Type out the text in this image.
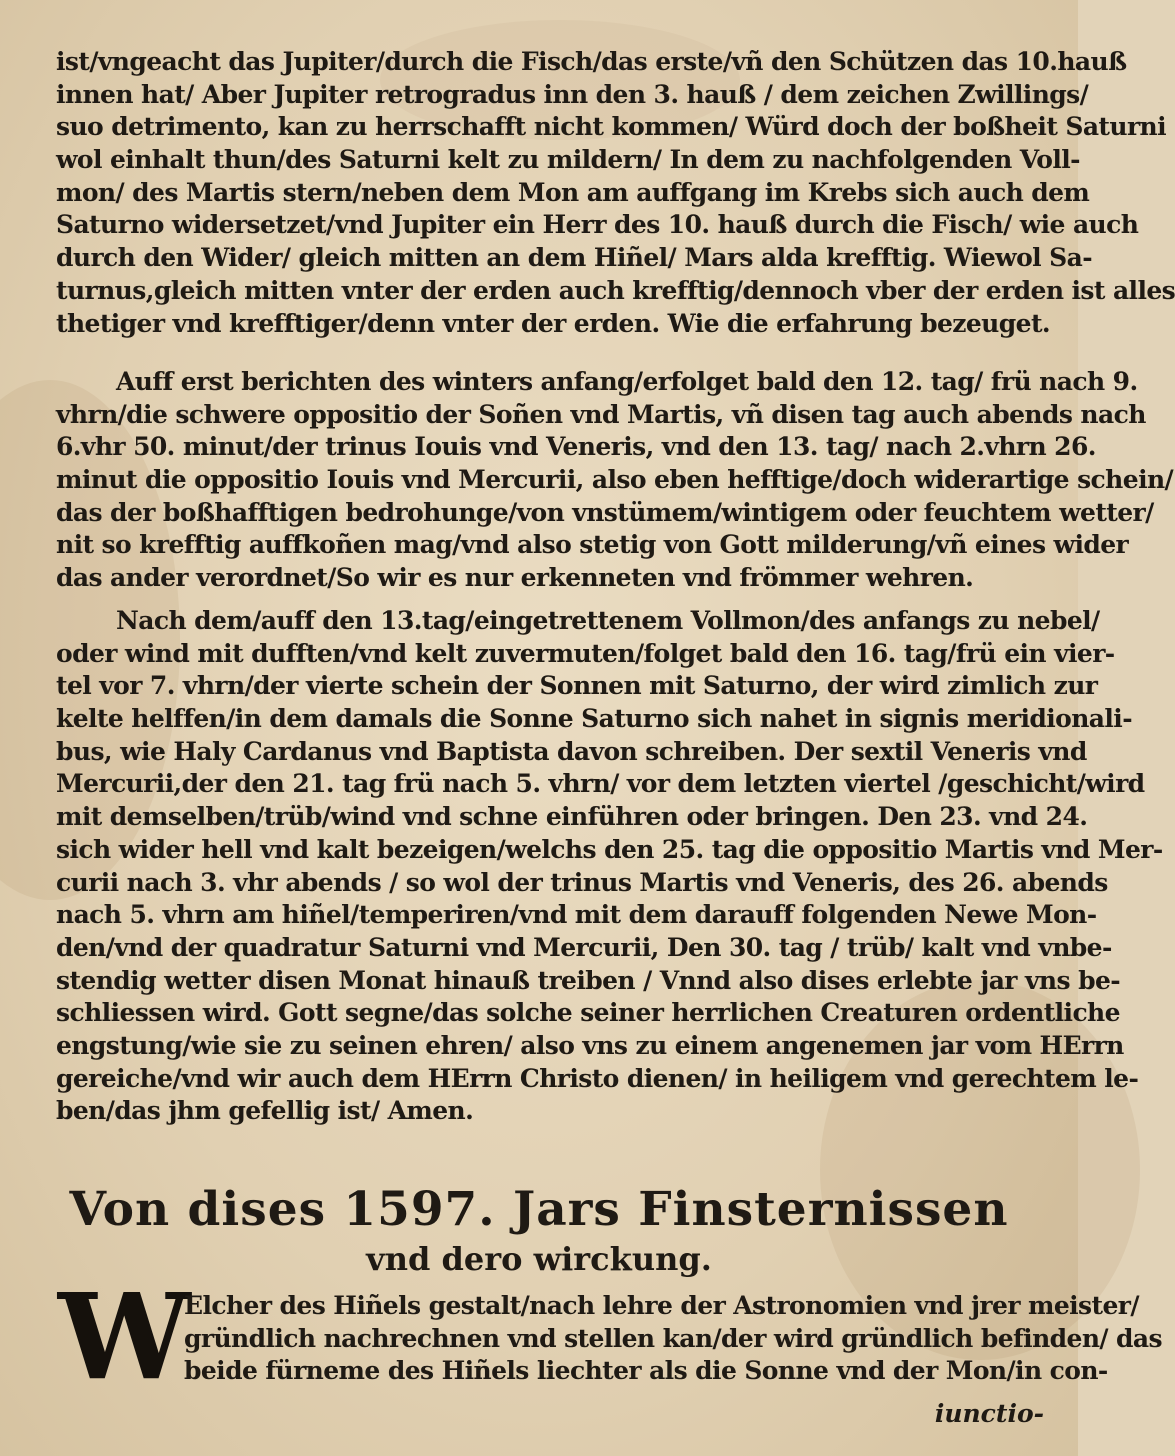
ist/vngeacht das Jupiter/durch die Fisch/das erste/vñ den Schützen das 10.hauß
innen hat/ Aber Jupiter retrogradus inn den 3. hauß / dem zeichen Zwillings/
suo detrimento, kan zu herrschafft nicht kommen/ Würd doch der boßheit Saturni
wol einhalt thun/des Saturni kelt zu mildern/ In dem zu nachfolgenden Voll-
mon/ des Martis stern/neben dem Mon am auffgang im Krebs sich auch dem
Saturno widersetzet/vnd Jupiter ein Herr des 10. hauß durch die Fisch/ wie auch
durch den Wider/ gleich mitten an dem Hiñel/ Mars alda krefftig. Wiewol Sa-
turnus,gleich mitten vnter der erden auch krefftig/dennoch vber der erden ist alles
thetiger vnd krefftiger/denn vnter der erden. Wie die erfahrung bezeuget.
Auff erst berichten des winters anfang/erfolget bald den 12. tag/ frü nach 9.
vhrn/die schwere oppositio der Soñen vnd Martis, vñ disen tag auch abends nach
6.vhr 50. minut/der trinus Iouis vnd Veneris, vnd den 13. tag/ nach 2.vhrn 26.
minut die oppositio Iouis vnd Mercurii, also eben hefftige/doch widerartige schein/
das der boßhafftigen bedrohunge/von vnstümem/wintigem oder feuchtem wetter/
nit so krefftig auffkoñen mag/vnd also stetig von Gott milderung/vñ eines wider
das ander verordnet/So wir es nur erkenneten vnd frömmer wehren.
Nach dem/auff den 13.tag/eingetrettenem Vollmon/des anfangs zu nebel/
oder wind mit dufften/vnd kelt zuvermuten/folget bald den 16. tag/frü ein vier-
tel vor 7. vhrn/der vierte schein der Sonnen mit Saturno, der wird zimlich zur
kelte helffen/in dem damals die Sonne Saturno sich nahet in signis meridionali-
bus, wie Haly Cardanus vnd Baptista davon schreiben. Der sextil Veneris vnd
Mercurii,der den 21. tag frü nach 5. vhrn/ vor dem letzten viertel /geschicht/wird
mit demselben/trüb/wind vnd schne einführen oder bringen. Den 23. vnd 24.
sich wider hell vnd kalt bezeigen/welchs den 25. tag die oppositio Martis vnd Mer-
curii nach 3. vhr abends / so wol der trinus Martis vnd Veneris, des 26. abends
nach 5. vhrn am hiñel/temperiren/vnd mit dem darauff folgenden Newe Mon-
den/vnd der quadratur Saturni vnd Mercurii, Den 30. tag / trüb/ kalt vnd vnbe-
stendig wetter disen Monat hinauß treiben / Vnnd also dises erlebte jar vns be-
schliessen wird. Gott segne/das solche seiner herrlichen Creaturen ordentliche
engstung/wie sie zu seinen ehren/ also vns zu einem angenemen jar vom HErrn
gereiche/vnd wir auch dem HErrn Christo dienen/ in heiligem vnd gerechtem le-
ben/das jhm gefellig ist/ Amen.
Von dises 1597. Jars Finsternissen
vnd dero wirckung.
W
Elcher des Hiñels gestalt/nach lehre der Astronomien vnd jrer meister/
gründlich nachrechnen vnd stellen kan/der wird gründlich befinden/ das
beide fürneme des Hiñels liechter als die Sonne vnd der Mon/in con-
iunctio-
